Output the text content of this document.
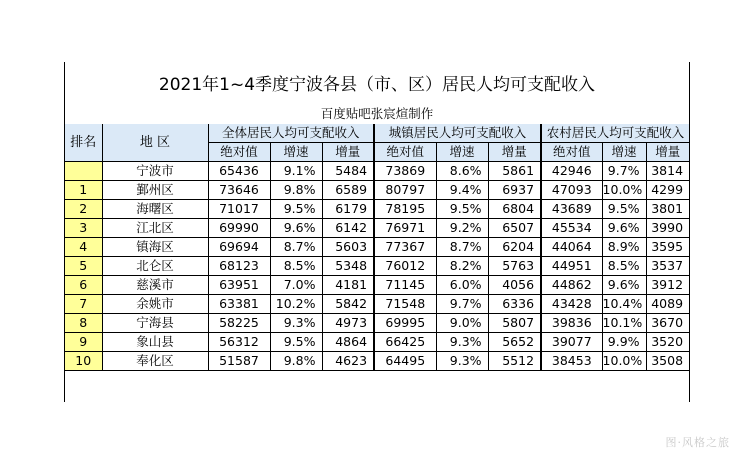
2021年1~4季度宁波各县（市、区）居民人均可支配收入
百度贴吧张宸煊制作
排名	地 区	全体居民人均可支配收入			城镇居民人均可支配收入			农村居民人均可支配收入		
		绝对值	增速	增量	绝对值	增速	增量	绝对值	增速	增量
	宁波市	65436	9.1%	5484	73869	8.6%	5861	42946	9.7%	3814
1	鄞州区	73646	9.8%	6589	80797	9.4%	6937	47093	10.0%	4299
2	海曙区	71017	9.5%	6179	78195	9.5%	6804	43689	9.5%	3801
3	江北区	69990	9.6%	6142	76971	9.2%	6507	45534	9.6%	3990
4	镇海区	69694	8.7%	5603	77367	8.7%	6204	44064	8.9%	3595
5	北仑区	68123	8.5%	5348	76012	8.2%	5763	44951	8.5%	3537
6	慈溪市	63951	7.0%	4181	71145	6.0%	4056	44862	9.6%	3912
7	余姚市	63381	10.2%	5842	71548	9.7%	6336	43428	10.4%	4089
8	宁海县	58225	9.3%	4973	69995	9.0%	5807	39836	10.1%	3670
9	象山县	56312	9.5%	4864	66425	9.3%	5652	39077	9.9%	3520
10	奉化区	51587	9.8%	4623	64495	9.3%	5512	38453	10.0%	3508
图·风格之旅
